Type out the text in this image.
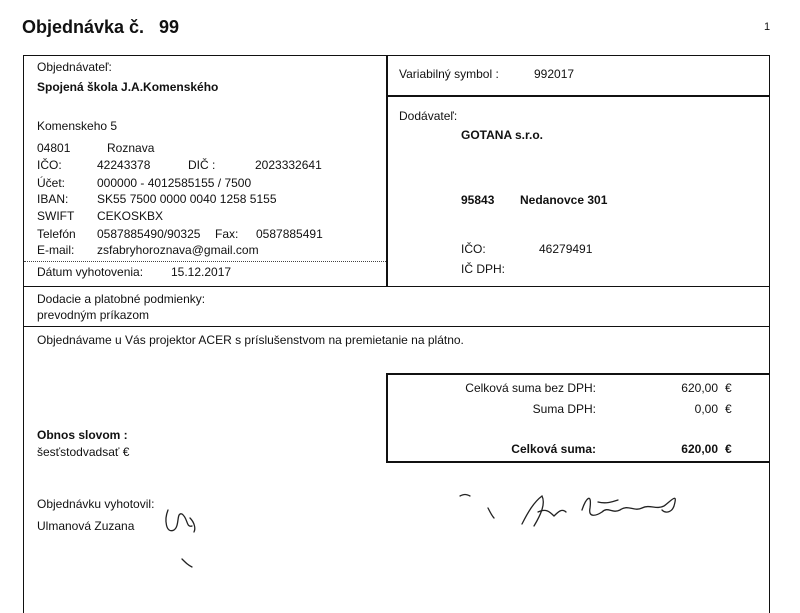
Objednávka č. 99	1
Objednávateľ:
Spojená škola J.A.Komenského
Komenskeho 5
04801	Roznava
IČO:	42243378	DIČ :	2023332641
Účet:	000000 - 4012585155 / 7500
IBAN: SK55 7500 0000 0040 1258 5155
SWIFT CEKOSKBX
Telefón 0587885490/90325 Fax: 0587885491
E-mail: zsfabryhoroznava@gmail.com
Dátum vyhotovenia: 15.12.2017
Variabilný symbol :	992017
Dodávateľ:
GOTANA s.r.o.
95843 Nedanovce 301
IČO:	46279491
IČ DPH:
Dodacie a platobné podmienky:
prevodným príkazom
Objednávame u Vás projektor ACER s príslušenstvom na premietanie na plátno.
Celková suma bez DPH:	620,00 €
Suma DPH:	0,00 €
Celková suma:	620,00 €
Obnos slovom :
šesťstodvadsať €
Objednávku vyhotovil:
Ulmanová Zuzana
